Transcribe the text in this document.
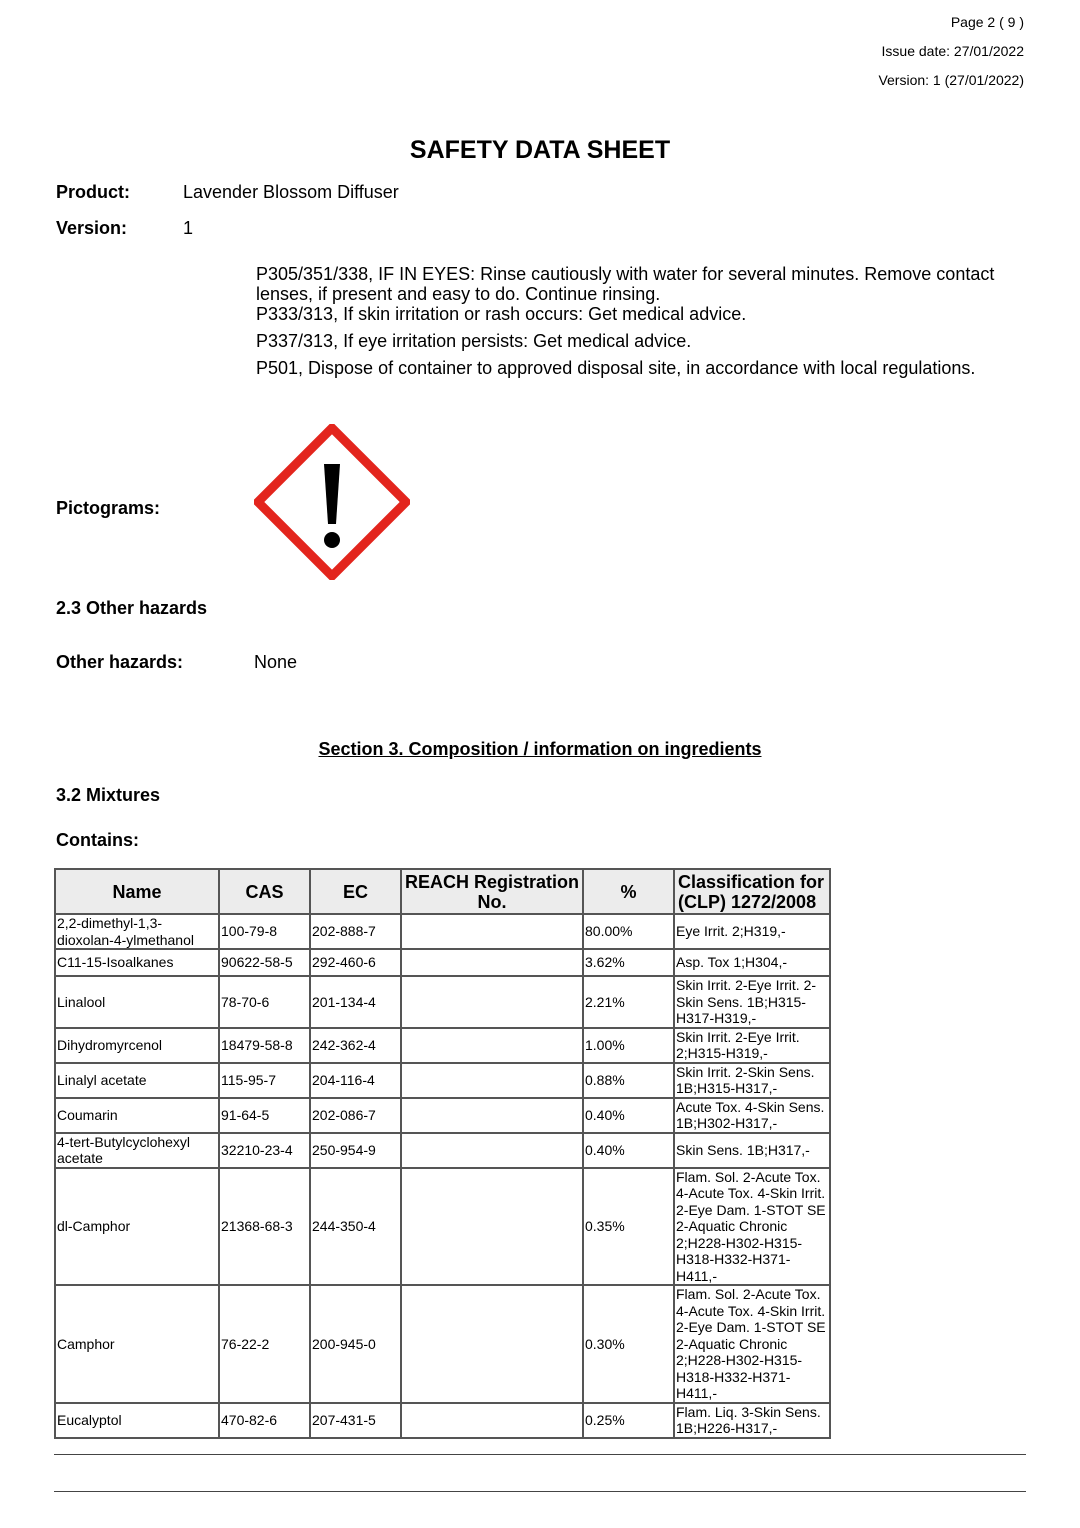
Page 2 ( 9 )
Issue date: 27/01/2022
Version: 1 (27/01/2022)
SAFETY DATA SHEET
Product:	Lavender Blossom Diffuser
Version:	1
P305/351/338, IF IN EYES: Rinse cautiously with water for several minutes. Remove contact lenses, if present and easy to do. Continue rinsing.
P333/313, If skin irritation or rash occurs: Get medical advice.
P337/313, If eye irritation persists: Get medical advice.
P501, Dispose of container to approved disposal site, in accordance with local regulations.
Pictograms:
2.3 Other hazards
Other hazards:	None
Section 3. Composition / information on ingredients
3.2 Mixtures
Contains:
Name	CAS	EC	REACH Registration No.	%	Classification for (CLP) 1272/2008
2,2-dimethyl-1,3-dioxolan-4-ylmethanol	100-79-8	202-888-7		80.00%	Eye Irrit. 2;H319,-
C11-15-Isoalkanes	90622-58-5	292-460-6		3.62%	Asp. Tox 1;H304,-
Linalool	78-70-6	201-134-4		2.21%	Skin Irrit. 2-Eye Irrit. 2-Skin Sens. 1B;H315-H317-H319,-
Dihydromyrcenol	18479-58-8	242-362-4		1.00%	Skin Irrit. 2-Eye Irrit. 2;H315-H319,-
Linalyl acetate	115-95-7	204-116-4		0.88%	Skin Irrit. 2-Skin Sens. 1B;H315-H317,-
Coumarin	91-64-5	202-086-7		0.40%	Acute Tox. 4-Skin Sens. 1B;H302-H317,-
4-tert-Butylcyclohexyl acetate	32210-23-4	250-954-9		0.40%	Skin Sens. 1B;H317,-
dl-Camphor	21368-68-3	244-350-4		0.35%	Flam. Sol. 2-Acute Tox. 4-Acute Tox. 4-Skin Irrit. 2-Eye Dam. 1-STOT SE 2-Aquatic Chronic 2;H228-H302-H315-H318-H332-H371-H411,-
Camphor	76-22-2	200-945-0		0.30%	Flam. Sol. 2-Acute Tox. 4-Acute Tox. 4-Skin Irrit. 2-Eye Dam. 1-STOT SE 2-Aquatic Chronic 2;H228-H302-H315-H318-H332-H371-H411,-
Eucalyptol	470-82-6	207-431-5		0.25%	Flam. Liq. 3-Skin Sens. 1B;H226-H317,-
